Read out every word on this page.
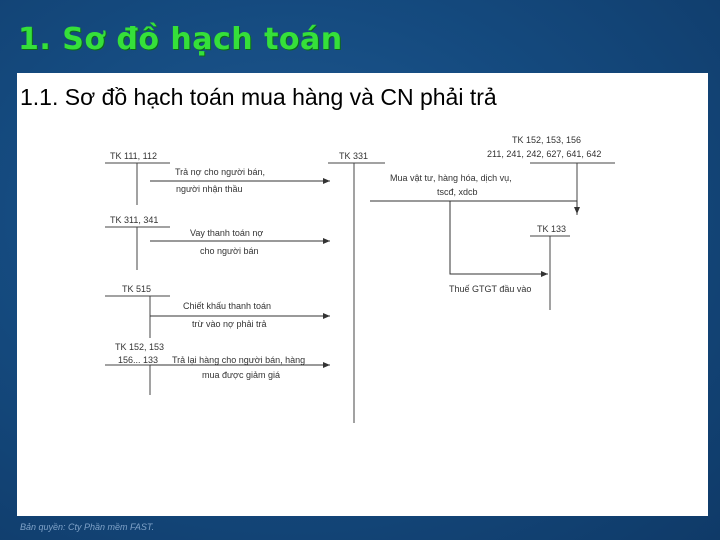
1. Sơ đồ hạch toán
1.1. Sơ đồ hạch toán mua hàng và CN phải trả
TK 111, 112	TK 331
TK 152, 153, 156
211, 241, 242, 627, 641, 642
TK 311, 341
TK 133
TK 515
TK 152, 153
156... 133
Trả nợ cho người bán,
người nhận thầu
Mua vật tư, hàng hóa, dịch vụ,
tscđ, xdcb
Vay thanh toán nợ
cho người bán
Thuế GTGT đầu vào
Chiết khấu thanh toán
trừ vào nợ phải trả
Trả lại hàng cho người bán, hàng
mua được giảm giá
Bản quyền: Cty Phần mềm FAST.
